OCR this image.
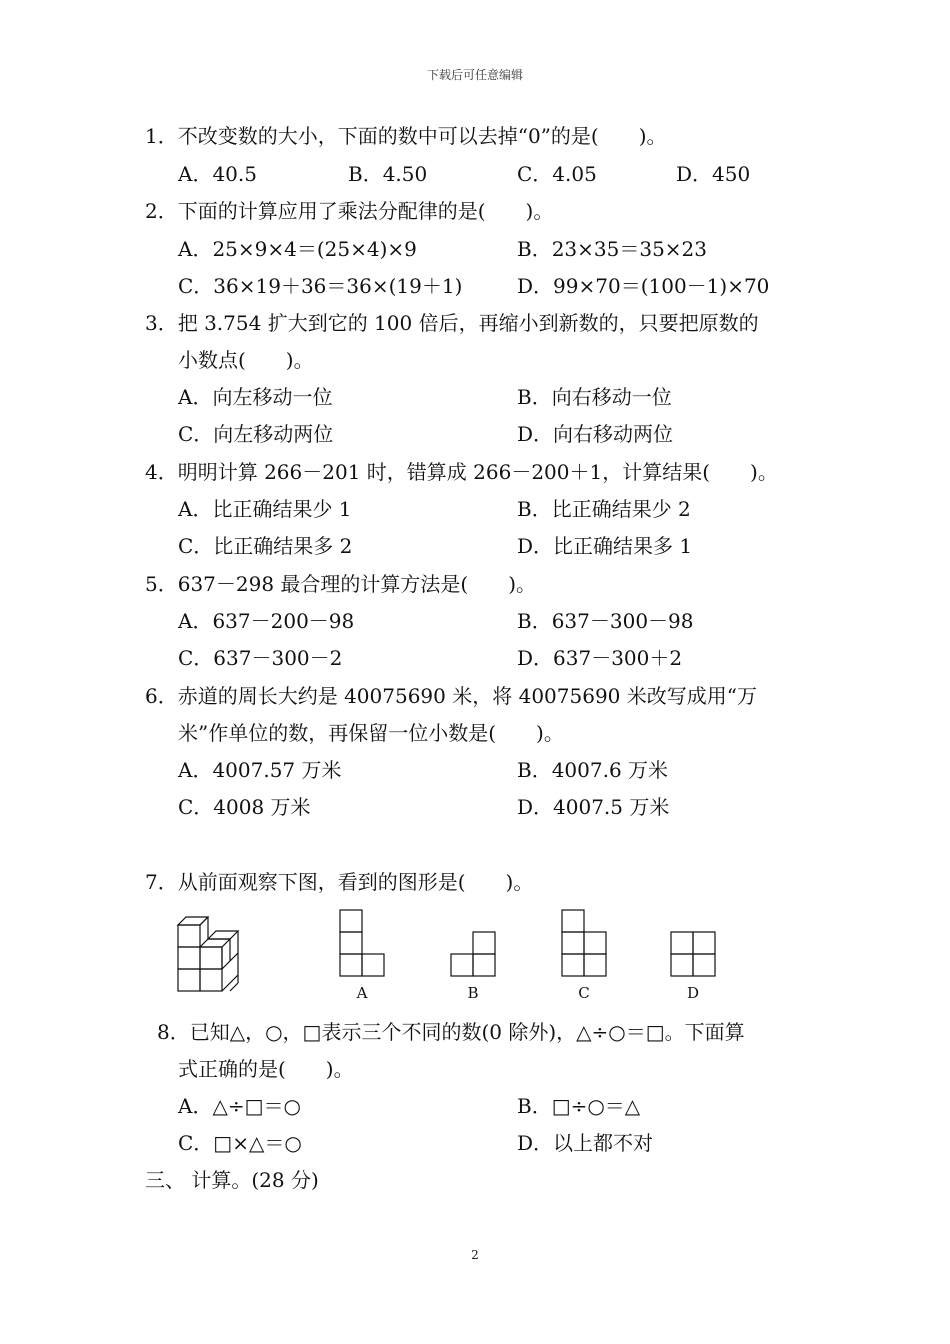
下载后可任意编辑
1．不改变数的大小，下面的数中可以去掉“0”的是(　　)。
A．40.5	B．4.50	C．4.05	D．450
2．下面的计算应用了乘法分配律的是(　　)。
A．25×9×4＝(25×4)×9	B．23×35＝35×23
C．36×19＋36＝36×(19＋1)	D．99×70＝(100－1)×70
3．把 3.754 扩大到它的 100 倍后，再缩小到新数的，只要把原数的
小数点(　　)。
A．向左移动一位	B．向右移动一位
C．向左移动两位	D．向右移动两位
4．明明计算 266－201 时，错算成 266－200＋1，计算结果(　　)。
A．比正确结果少 1	B．比正确结果少 2
C．比正确结果多 2	D．比正确结果多 1
5．637－298 最合理的计算方法是(　　)。
A．637－200－98	B．637－300－98
C．637－300－2	D．637－300＋2
6．赤道的周长大约是 40075690 米，将 40075690 米改写成用“万
米”作单位的数，再保留一位小数是(　　)。
A．4007.57 万米	B．4007.6 万米
C．4008 万米	D．4007.5 万米
7．从前面观察下图，看到的图形是(　　)。
A	B	C	D
8．已知△，○，□表示三个不同的数(0 除外)，△÷○＝□。下面算
式正确的是(　　)。
A．△÷□＝○	B．□÷○＝△
C．□×△＝○	D．以上都不对
三、 计算。(28 分)
2
